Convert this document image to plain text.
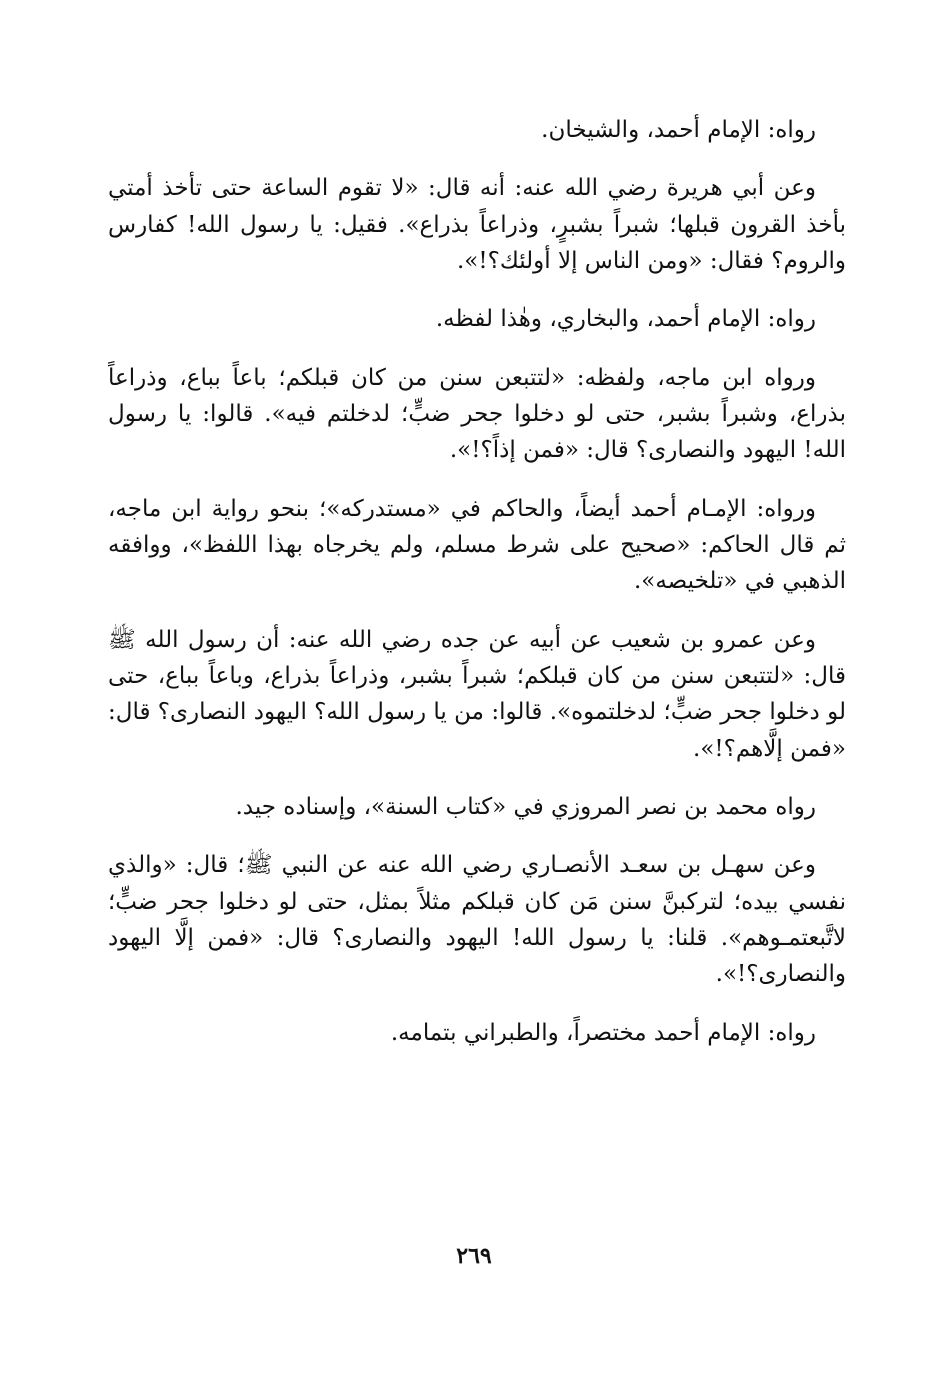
رواه: الإمام أحمد، والشيخان.

وعن أبي هريرة رضي الله عنه: أنه قال: «لا تقوم الساعة حتى تأخذ أمتي بأخذ القرون قبلها؛ شبراً بشبرٍ، وذراعاً بذراع». فقيل: يا رسول الله! كفارس والروم؟ فقال: «ومن الناس إلا أولئك؟!».

رواه: الإمام أحمد، والبخاري، وهٰذا لفظه.

ورواه ابن ماجه، ولفظه: «لتتبعن سنن من كان قبلكم؛ باعاً بباع، وذراعاً بذراع، وشبراً بشبر، حتى لو دخلوا جحر ضبٍّ؛ لدخلتم فيه». قالوا: يا رسول الله! اليهود والنصارى؟ قال: «فمن إذاً؟!».

ورواه: الإمـام أحمد أيضاً، والحاكم في «مستدركه»؛ بنحو رواية ابن ماجه، ثم قال الحاكم: «صحيح على شرط مسلم، ولم يخرجاه بهذا اللفظ»، ووافقه الذهبي في «تلخيصه».

وعن عمرو بن شعيب عن أبيه عن جده رضي الله عنه: أن رسول الله ﷺ قال: «لتتبعن سنن من كان قبلكم؛ شبراً بشبر، وذراعاً بذراع، وباعاً بباع، حتى لو دخلوا جحر ضبٍّ؛ لدخلتموه». قالوا: من يا رسول الله؟ اليهود النصارى؟ قال: «فمن إلَّاهم؟!».

رواه محمد بن نصر المروزي في «كتاب السنة»، وإسناده جيد.

وعن سهـل بن سعـد الأنصـاري رضي الله عنه عن النبي ﷺ؛ قال: «والذي نفسي بيده؛ لتركبنَّ سنن مَن كان قبلكم مثلاً بمثل، حتى لو دخلوا جحر ضبٍّ؛ لاتَّبعتمـوهم». قلنا: يا رسول الله! اليهود والنصارى؟ قال: «فمن إلَّا اليهود والنصارى؟!».

رواه: الإمام أحمد مختصراً، والطبراني بتمامه.

٢٦٩
